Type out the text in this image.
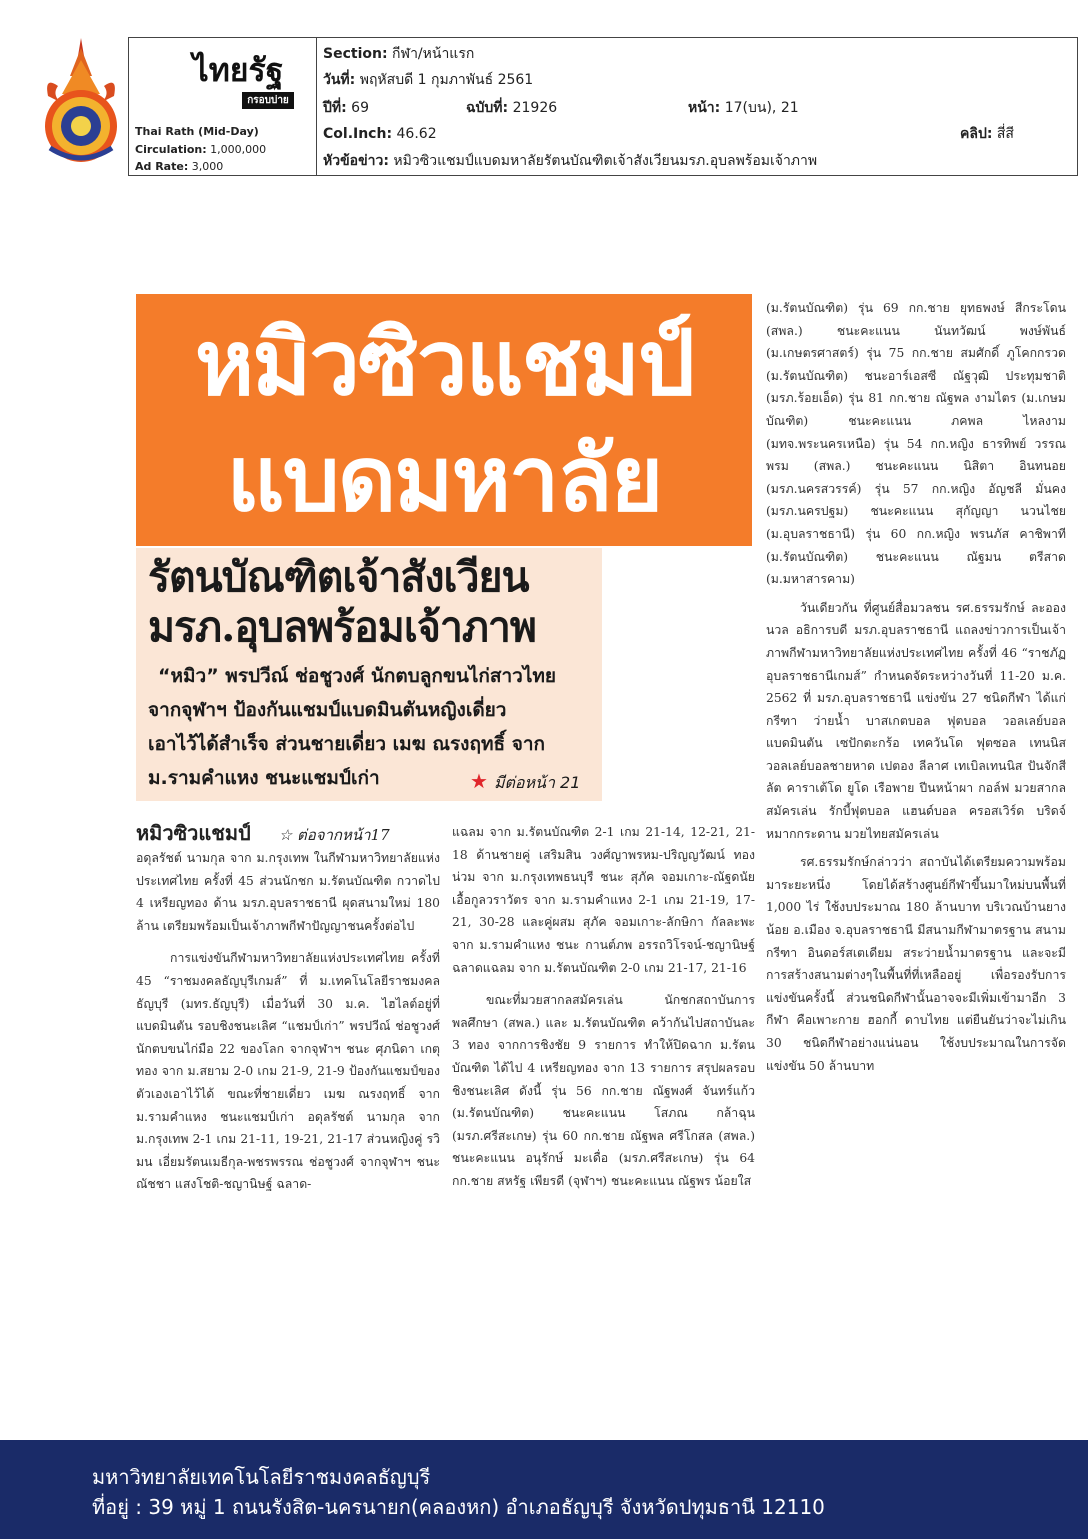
ไทยรัฐ
กรอบบ่าย
Thai Rath (Mid-Day)
Circulation: 1,000,000
Ad Rate: 3,000
Section: กีฬา/หน้าแรก
วันที่: พฤหัสบดี 1 กุมภาพันธ์ 2561
ปีที่: 69	ฉบับที่: 21926	หน้า: 17(บน), 21
Col.Inch: 46.62	คลิป: สี่สี
หัวข้อข่าว: หมิวซิวแชมป์แบดมหาลัยรัตนบัณฑิตเจ้าสังเวียนมรภ.อุบลพร้อมเจ้าภาพ
หมิวซิวแชมป์
แบดมหาลัย
รัตนบัณฑิตเจ้าสังเวียน
มรภ.อุบลพร้อมเจ้าภาพ
“หมิว” พรปวีณ์ ช่อชูวงศ์ นักตบลูกขนไก่สาวไทย
จากจุฬาฯ ป้องกันแชมป์แบดมินตันหญิงเดี่ยว
เอาไว้ได้สำเร็จ ส่วนชายเดี่ยว เมฆ ณรงฤทธิ์ จาก
ม.รามคำแหง ชนะแชมป์เก่า	★ มีต่อหน้า 21
หมิวซิวแชมป์ ☆ ต่อจากหน้า17

อดุลรัชต์ นามกุล จาก ม.กรุงเทพ ในกีฬามหาวิทยาลัยแห่งประเทศไทย ครั้งที่ 45 ส่วนนักชก ม.รัตนบัณฑิต กวาดไป 4 เหรียญทอง ด้าน มรภ.อุบลราชธานี ผุดสนามใหม่ 180 ล้าน เตรียมพร้อมเป็นเจ้าภาพกีฬาปัญญาชนครั้งต่อไป

การแข่งขันกีฬามหาวิทยาลัยแห่งประเทศไทย ครั้งที่ 45 “ราชมงคลธัญบุรีเกมส์” ที่ ม.เทคโนโลยีราชมงคลธัญบุรี (มทร.ธัญบุรี) เมื่อวันที่ 30 ม.ค. ไฮไลต์อยู่ที่แบดมินตัน รอบชิงชนะเลิศ “แชมป์เก่า” พรปวีณ์ ช่อชูวงศ์ นักตบขนไก่มือ 22 ของโลก จากจุฬาฯ ชนะ ศุภนิดา เกตุทอง จาก ม.สยาม 2-0 เกม 21-9, 21-9 ป้องกันแชมป์ของตัวเองเอาไว้ได้ ขณะที่ชายเดี่ยว เมฆ ณรงฤทธิ์ จาก ม.รามคำแหง ชนะแชมป์เก่า อดุลรัชต์ นามกุล จาก ม.กรุงเทพ 2-1 เกม 21-11, 19-21, 21-17 ส่วนหญิงคู่ รวิมน เอี่ยมรัตนเมธีกุล-พชรพรรณ ช่อชูวงศ์ จากจุฬาฯ ชนะ ณัชชา แสงโชติ-ชญานิษฐ์ ฉลาด-

แฉลม จาก ม.รัตนบัณฑิต 2-1 เกม 21-14, 12-21, 21-18 ด้านชายคู่ เสริมสิน วงศ์ญาพรหม-ปริญญวัฒน์ ทองน่วม จาก ม.กรุงเทพธนบุรี ชนะ สุภัค จอมเกาะ-ณัฐดนัยเอื้อกูลวราวัตร จาก ม.รามคำแหง 2-1 เกม 21-19, 17-21, 30-28 และคู่ผสม สุภัค จอมเกาะ-ลักษิกา กัลละพะ จาก ม.รามคำแหง ชนะ กานต์ภพ อรรถวิโรจน์-ชญานิษฐ์ ฉลาดแฉลม จาก ม.รัตนบัณฑิต 2-0 เกม 21-17, 21-16

ขณะที่มวยสากลสมัครเล่น นักชกสถาบันการพลศึกษา (สพล.) และ ม.รัตนบัณฑิต คว้ากันไปสถาบันละ 3 ทอง จากการชิงชัย 9 รายการ ทำให้ปิดฉาก ม.รัตนบัณฑิต ได้ไป 4 เหรียญทอง จาก 13 รายการ สรุปผลรอบชิงชนะเลิศ ดังนี้ รุ่น 56 กก.ชาย ณัฐพงศ์ จันทร์แก้ว (ม.รัตนบัณฑิต) ชนะคะแนน โสภณ กล้าฉุน (มรภ.ศรีสะเกษ) รุ่น 60 กก.ชาย ณัฐพล ศรีโกสล (สพล.) ชนะคะแนน อนุรักษ์ มะเดื่อ (มรภ.ศรีสะเกษ) รุ่น 64 กก.ชาย สหรัฐ เพียรดี (จุฬาฯ) ชนะคะแนน ณัฐพร น้อยใส

(ม.รัตนบัณฑิต) รุ่น 69 กก.ชาย ยุทธพงษ์ สีกระโดน (สพล.) ชนะคะแนน นันทวัฒน์ พงษ์พันธ์ (ม.เกษตรศาสตร์) รุ่น 75 กก.ชาย สมศักดิ์ ภูโคกกรวด (ม.รัตนบัณฑิต) ชนะอาร์เอสซี ณัฐวุฒิ ประทุมชาติ (มรภ.ร้อยเอ็ด) รุ่น 81 กก.ชาย ณัฐพล งามไตร (ม.เกษมบัณฑิต) ชนะคะแนน ภคพล ไหลงาม (มทจ.พระนครเหนือ) รุ่น 54 กก.หญิง ธารทิพย์ วรรณพรม (สพล.) ชนะคะแนน นิสิตา อินทนอย (มรภ.นครสวรรค์) รุ่น 57 กก.หญิง อัญชลี มั่นคง (มรภ.นครปฐม) ชนะคะแนน สุกัญญา นวนไชย (ม.อุบลราชธานี) รุ่น 60 กก.หญิง พรนภัส คาชิพาที (ม.รัตนบัณฑิต) ชนะคะแนน ณัฐมน ตรีสาด (ม.มหาสารคาม)

วันเดียวกัน ที่ศูนย์สื่อมวลชน รศ.ธรรมรักษ์ ละอองนวล อธิการบดี มรภ.อุบลราชธานี แถลงข่าวการเป็นเจ้าภาพกีฬามหาวิทยาลัยแห่งประเทศไทย ครั้งที่ 46 “ราชภัฏอุบลราชธานีเกมส์” กำหนดจัดระหว่างวันที่ 11-20 ม.ค. 2562 ที่ มรภ.อุบลราชธานี แข่งขัน 27 ชนิดกีฬา ได้แก่ กรีฑา ว่ายน้ำ บาสเกตบอล ฟุตบอล วอลเลย์บอล แบดมินตัน เซปักตะกร้อ เทควันโด ฟุตซอล เทนนิส วอลเลย์บอลชายหาด เปตอง ลีลาศ เทเบิลเทนนิส ปันจักสีลัต คาราเต้โด ยูโด เรือพาย ปีนหน้าผา กอล์ฟ มวยสากลสมัครเล่น รักบี้ฟุตบอล แฮนด์บอล ครอสเวิร์ด บริดจ์ หมากกระดาน มวยไทยสมัครเล่น

รศ.ธรรมรักษ์กล่าวว่า สถาบันได้เตรียมความพร้อมมาระยะหนึ่ง โดยได้สร้างศูนย์กีฬาขึ้นมาใหม่บนพื้นที่ 1,000 ไร่ ใช้งบประมาณ 180 ล้านบาท บริเวณบ้านยางน้อย อ.เมือง จ.อุบลราชธานี มีสนามกีฬามาตรฐาน สนามกรีฑา อินดอร์สเตเดียม สระว่ายน้ำมาตรฐาน และจะมีการสร้างสนามต่างๆในพื้นที่ที่เหลืออยู่ เพื่อรองรับการแข่งขันครั้งนี้ ส่วนชนิดกีฬานั้นอาจจะมีเพิ่มเข้ามาอีก 3 กีฬา คือเพาะกาย ฮอกกี้ ดาบไทย แต่ยืนยันว่าจะไม่เกิน 30 ชนิดกีฬาอย่างแน่นอน ใช้งบประมาณในการจัดแข่งขัน 50 ล้านบาท

มหาวิทยาลัยเทคโนโลยีราชมงคลธัญบุรี
ที่อยู่ : 39 หมู่ 1 ถนนรังสิต-นครนายก(คลองหก) อำเภอธัญบุรี จังหวัดปทุมธานี 12110
